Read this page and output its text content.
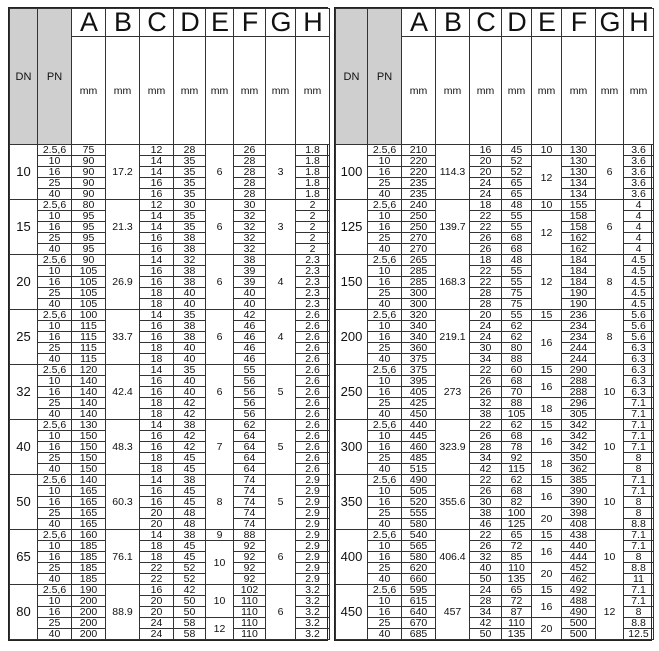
DN	PN	A	B	C	D	E	F	G	H
		mm	mm	mm	mm	mm	mm	mm	mm
10	2.5,6	75	17.2	12	28	6	26	3	1.8
	10	90		14	35		28		1.8
	16	90		14	35		28		1.8
	25	90		16	35		28		1.8
	40	90		16	35		28		1.8
15	2.5,6	80	21.3	12	30	6	30	3	2
	10	95		14	35		32		2
	16	95		14	35		32		2
	25	95		16	38		32		2
	40	95		16	38		32		2
20	2.5,6	90	26.9	14	32	6	38	4	2.3
	10	105		16	38		39		2.3
	16	105		16	38		39		2.3
	25	105		18	40		40		2.3
	40	105		18	40		40		2.3
25	2.5,6	100	33.7	14	35	6	42	4	2.6
	10	115		16	38		46		2.6
	16	115		16	38		46		2.6
	25	115		18	40		46		2.6
	40	115		18	40		46		2.6
32	2.5,6	120	42.4	14	35	6	55	5	2.6
	10	140		16	40		56		2.6
	16	140		16	40		56		2.6
	25	140		18	42		56		2.6
	40	140		18	42		56		2.6
40	2.5,6	130	48.3	14	38	7	62	5	2.6
	10	150		16	42		64		2.6
	16	150		16	42		64		2.6
	25	150		18	45		64		2.6
	40	150		18	45		64		2.6
50	2.5,6	140	60.3	14	38	8	74	5	2.9
	10	165		16	45		74		2.9
	16	165		16	45		74		2.9
	25	165		20	48		74		2.9
	40	165		20	48		74		2.9
65	2.5,6	160	76.1	14	38	9	88	6	2.9
	10	185		18	45	10	92		2.9
	16	185		18	45		92		2.9
	25	185		22	52		92		2.9
	40	185		22	52		92		2.9
80	2.5,6	190	88.9	16	42	10	102	6	3.2
	10	200		20	50		110		3.2
	16	200		20	50		110		3.2
	25	200		24	58	12	110		3.2
	40	200		24	58		110		3.2
DN	PN	A	B	C	D	E	F	G	H
		mm	mm	mm	mm	mm	mm	mm	mm
100	2.5,6	210	114.3	16	45	10	130	6	3.6
	10	220		20	52	12	130		3.6
	16	220		20	52		130		3.6
	25	235		24	65		134		3.6
	40	235		24	65		134		3.6
125	2.5,6	240	139.7	18	48	10	155	6	4
	10	250		22	55	12	158		4
	16	250		22	55		158		4
	25	270		26	68		162		4
	40	270		26	68		162		4
150	2.5,6	265	168.3	18	48	12	184	8	4.5
	10	285		22	55		184		4.5
	16	285		22	55		184		4.5
	25	300		28	75		190		4.5
	40	300		28	75		190		4.5
200	2.5,6	320	219.1	20	55	15	236	8	5.6
	10	340		24	62	16	234		5.6
	16	340		24	62		234		5.6
	25	360		30	80		244		6.3
	40	375		34	88		244		6.3
250	2.5,6	375	273	22	60	15	290	10	6.3
	10	395		26	68	16	288		6.3
	16	405		26	70		288		6.3
	25	425		32	88	18	296		7.1
	40	450		38	105		305		7.1
300	2.5,6	440	323.9	22	62	15	342	10	7.1
	10	445		26	68	16	342		7.1
	16	460		28	78		342		7.1
	25	485		34	92	18	350		8
	40	515		42	115		362		8
350	2.5,6	490	355.6	22	62	15	385	10	7.1
	10	505		26	68	16	390		7.1
	16	520		30	82		390		8
	25	555		38	100	20	398		8
	40	580		46	125		408		8.8
400	2.5,6	540	406.4	22	65	15	438	10	7.1
	10	565		26	72	16	440		7.1
	16	580		32	85		444		8
	25	620		40	110	20	452		8.8
	40	660		50	135		462		11
450	2.5,6	595	457	24	65	15	492	12	7.1
	10	615		28	72	16	488		7.1
	16	640		34	87		490		8
	25	670		42	110	20	500		8.8
	40	685		50	135		500		12.5
